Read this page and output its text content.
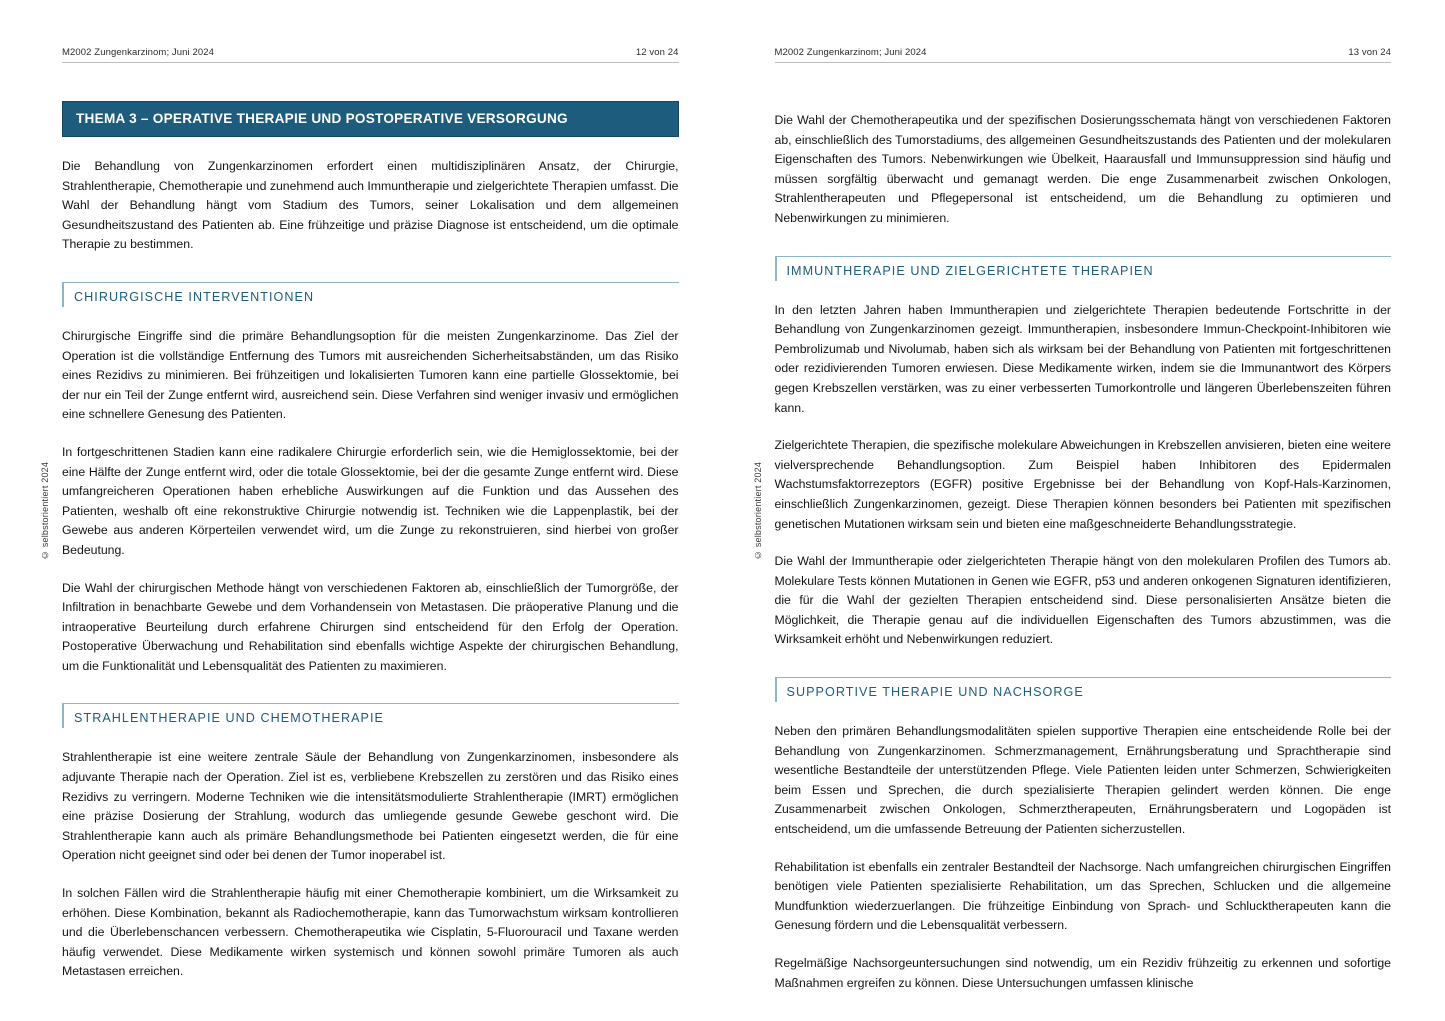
© selbstorientiert 2024
M2002 Zungenkarzinom; Juni 2024	12 von 24
THEMA 3 – OPERATIVE THERAPIE UND POSTOPERATIVE VERSORGUNG

Die Behandlung von Zungenkarzinomen erfordert einen multidisziplinären Ansatz, der Chirurgie, Strahlentherapie, Chemotherapie und zunehmend auch Immuntherapie und zielgerichtete Therapien umfasst. Die Wahl der Behandlung hängt vom Stadium des Tumors, seiner Lokalisation und dem allgemeinen Gesundheitszustand des Patienten ab. Eine frühzeitige und präzise Diagnose ist entscheidend, um die optimale Therapie zu bestimmen.

CHIRURGISCHE INTERVENTIONEN

Chirurgische Eingriffe sind die primäre Behandlungsoption für die meisten Zungenkarzinome. Das Ziel der Operation ist die vollständige Entfernung des Tumors mit ausreichenden Sicherheitsabständen, um das Risiko eines Rezidivs zu minimieren. Bei frühzeitigen und lokalisierten Tumoren kann eine partielle Glossektomie, bei der nur ein Teil der Zunge entfernt wird, ausreichend sein. Diese Verfahren sind weniger invasiv und ermöglichen eine schnellere Genesung des Patienten.

In fortgeschrittenen Stadien kann eine radikalere Chirurgie erforderlich sein, wie die Hemiglossektomie, bei der eine Hälfte der Zunge entfernt wird, oder die totale Glossektomie, bei der die gesamte Zunge entfernt wird. Diese umfangreicheren Operationen haben erhebliche Auswirkungen auf die Funktion und das Aussehen des Patienten, weshalb oft eine rekonstruktive Chirurgie notwendig ist. Techniken wie die Lappenplastik, bei der Gewebe aus anderen Körperteilen verwendet wird, um die Zunge zu rekonstruieren, sind hierbei von großer Bedeutung.

Die Wahl der chirurgischen Methode hängt von verschiedenen Faktoren ab, einschließlich der Tumorgröße, der Infiltration in benachbarte Gewebe und dem Vorhandensein von Metastasen. Die präoperative Planung und die intraoperative Beurteilung durch erfahrene Chirurgen sind entscheidend für den Erfolg der Operation. Postoperative Überwachung und Rehabilitation sind ebenfalls wichtige Aspekte der chirurgischen Behandlung, um die Funktionalität und Lebensqualität des Patienten zu maximieren.

STRAHLENTHERAPIE UND CHEMOTHERAPIE

Strahlentherapie ist eine weitere zentrale Säule der Behandlung von Zungenkarzinomen, insbesondere als adjuvante Therapie nach der Operation. Ziel ist es, verbliebene Krebszellen zu zerstören und das Risiko eines Rezidivs zu verringern. Moderne Techniken wie die intensitätsmodulierte Strahlentherapie (IMRT) ermöglichen eine präzise Dosierung der Strahlung, wodurch das umliegende gesunde Gewebe geschont wird. Die Strahlentherapie kann auch als primäre Behandlungsmethode bei Patienten eingesetzt werden, die für eine Operation nicht geeignet sind oder bei denen der Tumor inoperabel ist.

In solchen Fällen wird die Strahlentherapie häufig mit einer Chemotherapie kombiniert, um die Wirksamkeit zu erhöhen. Diese Kombination, bekannt als Radiochemotherapie, kann das Tumorwachstum wirksam kontrollieren und die Überlebenschancen verbessern. Chemotherapeutika wie Cisplatin, 5-Fluorouracil und Taxane werden häufig verwendet. Diese Medikamente wirken systemisch und können sowohl primäre Tumoren als auch Metastasen erreichen.

© selbstorientiert 2024
M2002 Zungenkarzinom; Juni 2024	13 von 24

Die Wahl der Chemotherapeutika und der spezifischen Dosierungsschemata hängt von verschiedenen Faktoren ab, einschließlich des Tumorstadiums, des allgemeinen Gesundheitszustands des Patienten und der molekularen Eigenschaften des Tumors. Nebenwirkungen wie Übelkeit, Haarausfall und Immunsuppression sind häufig und müssen sorgfältig überwacht und gemanagt werden. Die enge Zusammenarbeit zwischen Onkologen, Strahlentherapeuten und Pflegepersonal ist entscheidend, um die Behandlung zu optimieren und Nebenwirkungen zu minimieren.

IMMUNTHERAPIE UND ZIELGERICHTETE THERAPIEN

In den letzten Jahren haben Immuntherapien und zielgerichtete Therapien bedeutende Fortschritte in der Behandlung von Zungenkarzinomen gezeigt. Immuntherapien, insbesondere Immun-Checkpoint-Inhibitoren wie Pembrolizumab und Nivolumab, haben sich als wirksam bei der Behandlung von Patienten mit fortgeschrittenen oder rezidivierenden Tumoren erwiesen. Diese Medikamente wirken, indem sie die Immunantwort des Körpers gegen Krebszellen verstärken, was zu einer verbesserten Tumorkontrolle und längeren Überlebenszeiten führen kann.

Zielgerichtete Therapien, die spezifische molekulare Abweichungen in Krebszellen anvisieren, bieten eine weitere vielversprechende Behandlungsoption. Zum Beispiel haben Inhibitoren des Epidermalen Wachstumsfaktorrezeptors (EGFR) positive Ergebnisse bei der Behandlung von Kopf-Hals-Karzinomen, einschließlich Zungenkarzinomen, gezeigt. Diese Therapien können besonders bei Patienten mit spezifischen genetischen Mutationen wirksam sein und bieten eine maßgeschneiderte Behandlungsstrategie.

Die Wahl der Immuntherapie oder zielgerichteten Therapie hängt von den molekularen Profilen des Tumors ab. Molekulare Tests können Mutationen in Genen wie EGFR, p53 und anderen onkogenen Signaturen identifizieren, die für die Wahl der gezielten Therapien entscheidend sind. Diese personalisierten Ansätze bieten die Möglichkeit, die Therapie genau auf die individuellen Eigenschaften des Tumors abzustimmen, was die Wirksamkeit erhöht und Nebenwirkungen reduziert.

SUPPORTIVE THERAPIE UND NACHSORGE

Neben den primären Behandlungsmodalitäten spielen supportive Therapien eine entscheidende Rolle bei der Behandlung von Zungenkarzinomen. Schmerzmanagement, Ernährungsberatung und Sprachtherapie sind wesentliche Bestandteile der unterstützenden Pflege. Viele Patienten leiden unter Schmerzen, Schwierigkeiten beim Essen und Sprechen, die durch spezialisierte Therapien gelindert werden können. Die enge Zusammenarbeit zwischen Onkologen, Schmerztherapeuten, Ernährungsberatern und Logopäden ist entscheidend, um die umfassende Betreuung der Patienten sicherzustellen.

Rehabilitation ist ebenfalls ein zentraler Bestandteil der Nachsorge. Nach umfangreichen chirurgischen Eingriffen benötigen viele Patienten spezialisierte Rehabilitation, um das Sprechen, Schlucken und die allgemeine Mundfunktion wiederzuerlangen. Die frühzeitige Einbindung von Sprach- und Schlucktherapeuten kann die Genesung fördern und die Lebensqualität verbessern.

Regelmäßige Nachsorgeuntersuchungen sind notwendig, um ein Rezidiv frühzeitig zu erkennen und sofortige Maßnahmen ergreifen zu können. Diese Untersuchungen umfassen klinische
